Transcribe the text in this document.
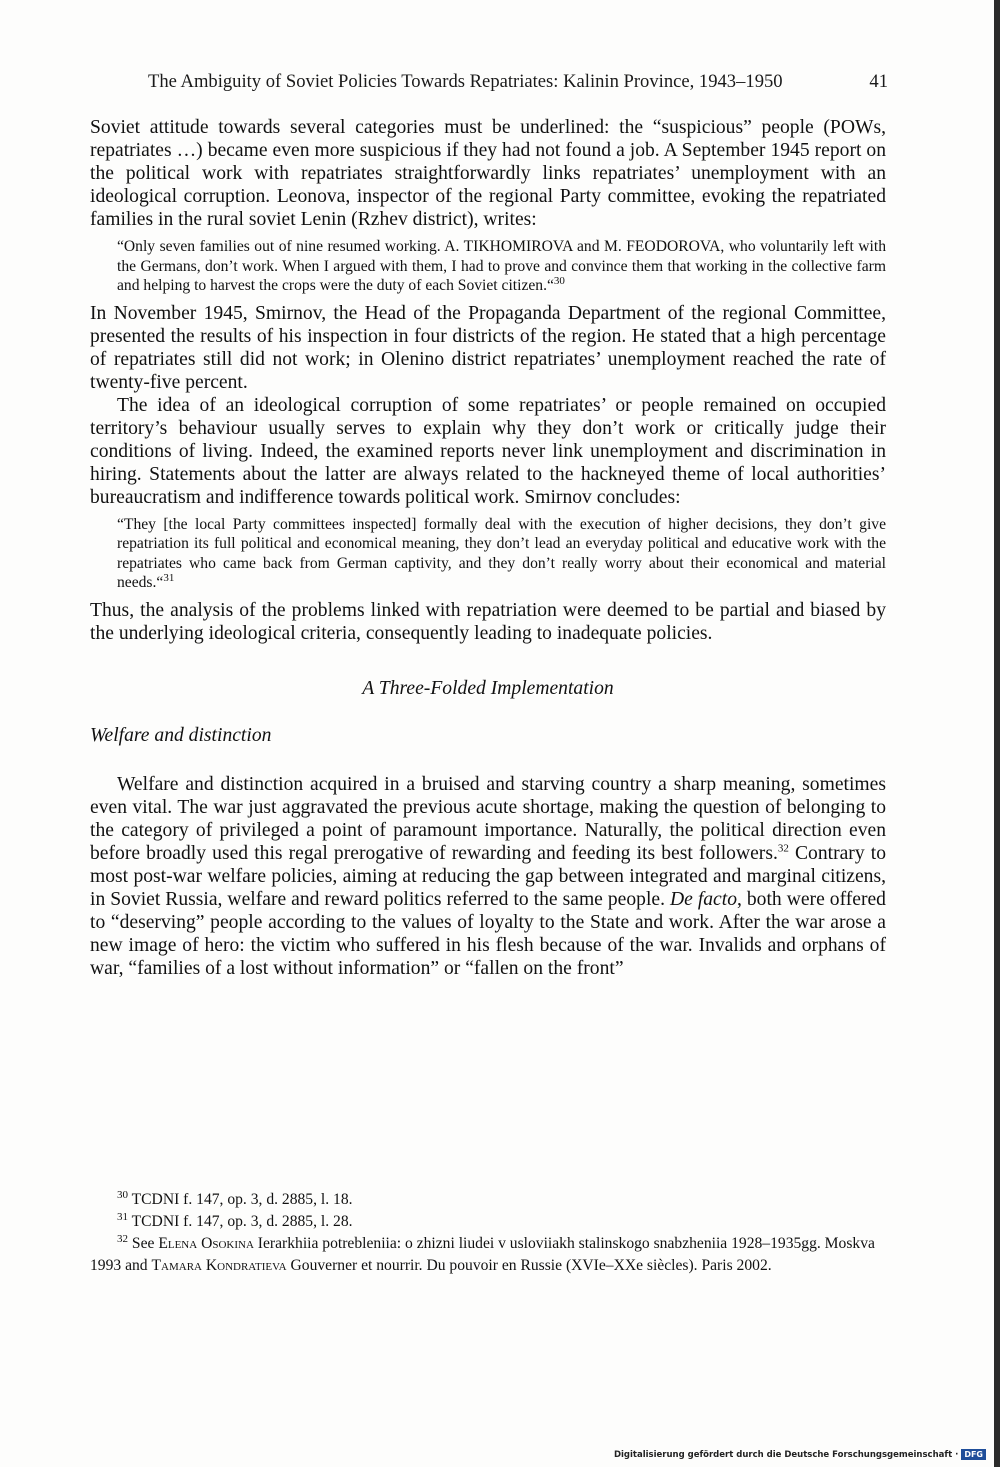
The Ambiguity of Soviet Policies Towards Repatriates: Kalinin Province, 1943–1950	41

Soviet attitude towards several categories must be underlined: the “suspicious” people (POWs, repatriates …) became even more suspicious if they had not found a job. A September 1945 report on the political work with repatriates straightforwardly links repatriates’ unemployment with an ideological corruption. Leonova, inspector of the regional Party committee, evoking the repatriated families in the rural soviet Lenin (Rzhev district), writes:

“Only seven families out of nine resumed working. A. TIKHOMIROVA and M. FEODOROVA, who voluntarily left with the Germans, don’t work. When I argued with them, I had to prove and convince them that working in the collective farm and helping to harvest the crops were the duty of each Soviet citizen.“$^{30}$

In November 1945, Smirnov, the Head of the Propaganda Department of the regional Committee, presented the results of his inspection in four districts of the region. He stated that a high percentage of repatriates still did not work; in Olenino district repatriates’ unemployment reached the rate of twenty-five percent.

The idea of an ideological corruption of some repatriates’ or people remained on occupied territory’s behaviour usually serves to explain why they don’t work or critically judge their conditions of living. Indeed, the examined reports never link unemployment and discrimination in hiring. Statements about the latter are always related to the hackneyed theme of local authorities’ bureaucratism and indifference towards political work. Smirnov concludes:

“They [the local Party committees inspected] formally deal with the execution of higher decisions, they don’t give repatriation its full political and economical meaning, they don’t lead an everyday political and educative work with the repatriates who came back from German captivity, and they don’t really worry about their economical and material needs.“$^{31}$

Thus, the analysis of the problems linked with repatriation were deemed to be partial and biased by the underlying ideological criteria, consequently leading to inadequate policies.

A Three-Folded Implementation
Welfare and distinction

Welfare and distinction acquired in a bruised and starving country a sharp meaning, sometimes even vital. The war just aggravated the previous acute shortage, making the question of belonging to the category of privileged a point of paramount importance. Naturally, the political direction even before broadly used this regal prerogative of rewarding and feeding its best followers.$^{32}$ Contrary to most post-war welfare policies, aiming at reducing the gap between integrated and marginal citizens, in Soviet Russia, welfare and reward politics referred to the same people. De facto, both were offered to “deserving” people according to the values of loyalty to the State and work. After the war arose a new image of hero: the victim who suffered in his flesh because of the war. Invalids and orphans of war, “families of a lost without information” or “fallen on the front”

$^{30}$ TCDNI f. 147, op. 3, d. 2885, l. 18.

$^{31}$ TCDNI f. 147, op. 3, d. 2885, l. 28.

$^{32}$ See Elena Osokina Ierarkhiia potrebleniia: o zhizni liudei v usloviiakh stalinskogo snabzheniia 1928–1935gg. Moskva 1993 and Tamara Kondratieva Gouverner et nourrir. Du pouvoir en Russie (XVIe–XXe siècles). Paris 2002.

Digitalisierung gefördert durch die Deutsche Forschungsgemeinschaft · DFG
